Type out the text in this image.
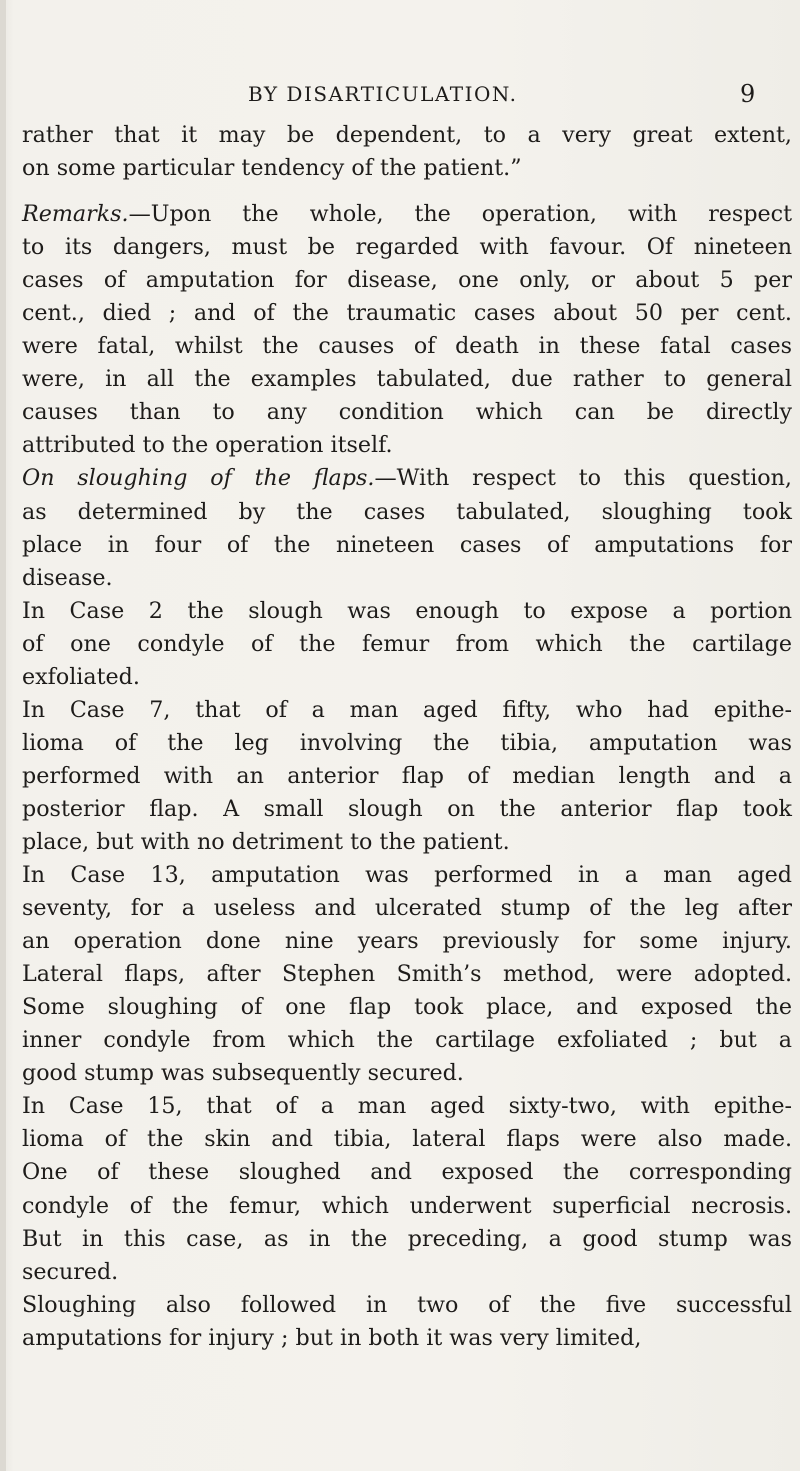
BY DISARTICULATION.	9
rather that it may be dependent, to a very great extent,
on some particular tendency of the patient.”
Remarks.—Upon the whole, the operation, with respect
to its dangers, must be regarded with favour. Of nineteen
cases of amputation for disease, one only, or about 5 per
cent., died ; and of the traumatic cases about 50 per cent.
were fatal, whilst the causes of death in these fatal cases
were, in all the examples tabulated, due rather to general
causes than to any condition which can be directly
attributed to the operation itself.
On sloughing of the flaps.—With respect to this question,
as determined by the cases tabulated, sloughing took
place in four of the nineteen cases of amputations for
disease.
In Case 2 the slough was enough to expose a portion
of one condyle of the femur from which the cartilage
exfoliated.
In Case 7, that of a man aged fifty, who had epithe-
lioma of the leg involving the tibia, amputation was
performed with an anterior flap of median length and a
posterior flap. A small slough on the anterior flap took
place, but with no detriment to the patient.
In Case 13, amputation was performed in a man aged
seventy, for a useless and ulcerated stump of the leg after
an operation done nine years previously for some injury.
Lateral flaps, after Stephen Smith’s method, were adopted.
Some sloughing of one flap took place, and exposed the
inner condyle from which the cartilage exfoliated ; but a
good stump was subsequently secured.
In Case 15, that of a man aged sixty-two, with epithe-
lioma of the skin and tibia, lateral flaps were also made.
One of these sloughed and exposed the corresponding
condyle of the femur, which underwent superficial necrosis.
But in this case, as in the preceding, a good stump was
secured.
Sloughing also followed in two of the five successful
amputations for injury ; but in both it was very limited,
